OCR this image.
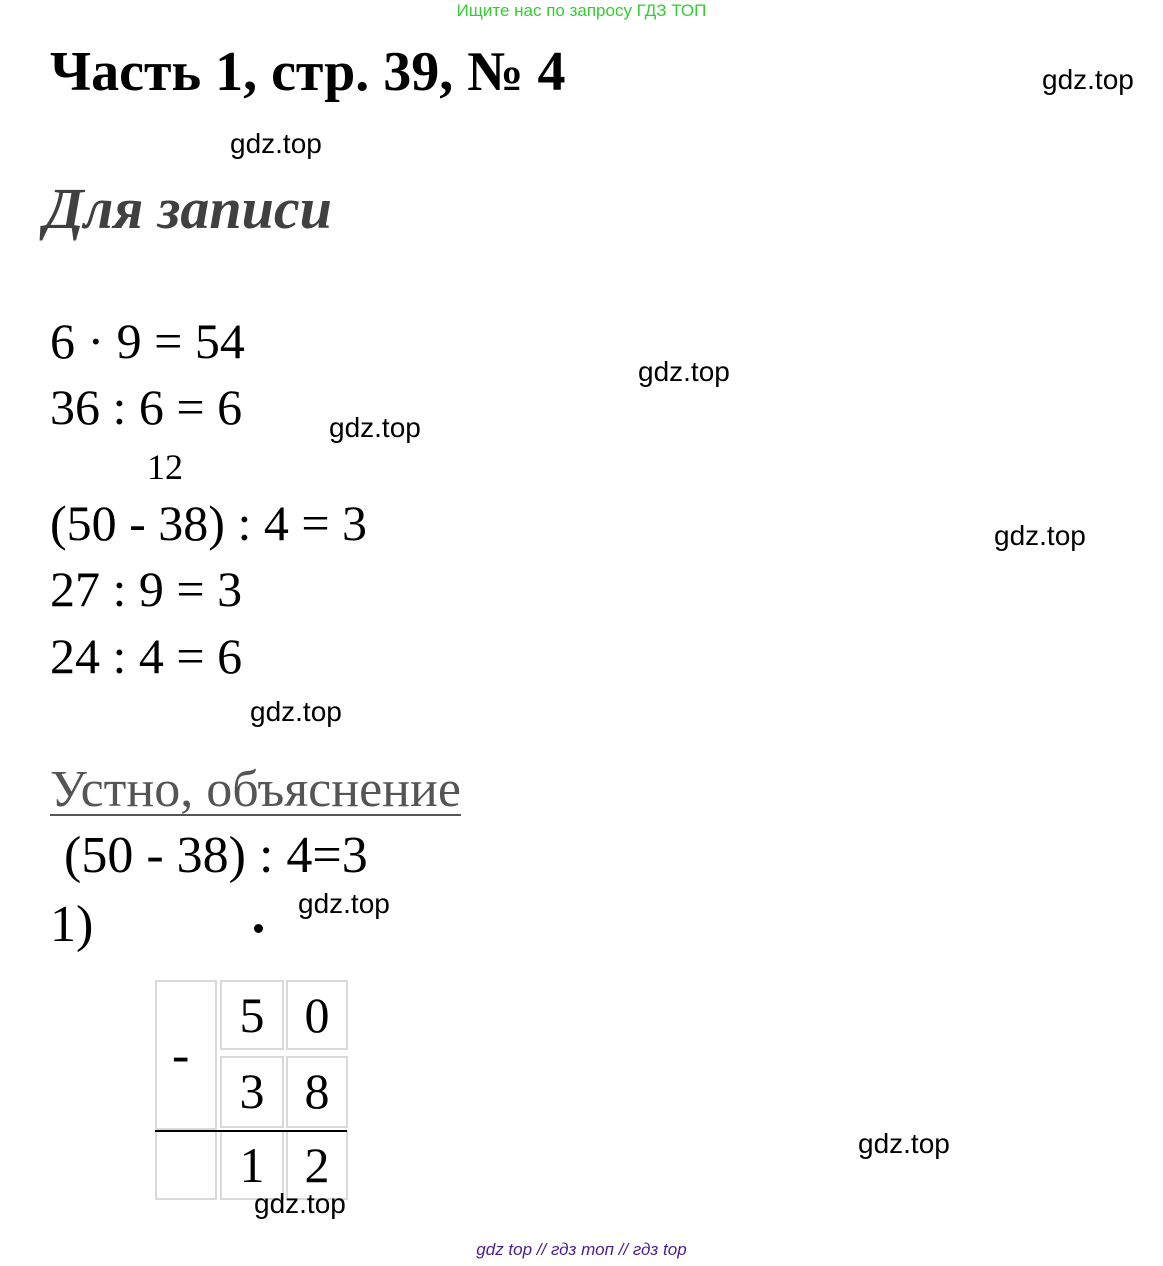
Ищите нас по запросу ГДЗ ТОП
Часть 1, стр. 39, № 4	gdz.top
gdz.top
Для записи
6 · 9 = 54
gdz.top
36 : 6 = 6	gdz.top
12
(50 - 38) : 4 = 3	gdz.top
27 : 9 = 3
24 : 4 = 6
gdz.top
Устно, объяснение
(50 - 38) : 4=3
1)	gdz.top
5 0
3 8
1 2
-
gdz.top
gdz.top
gdz top // гдз топ // гдз top
